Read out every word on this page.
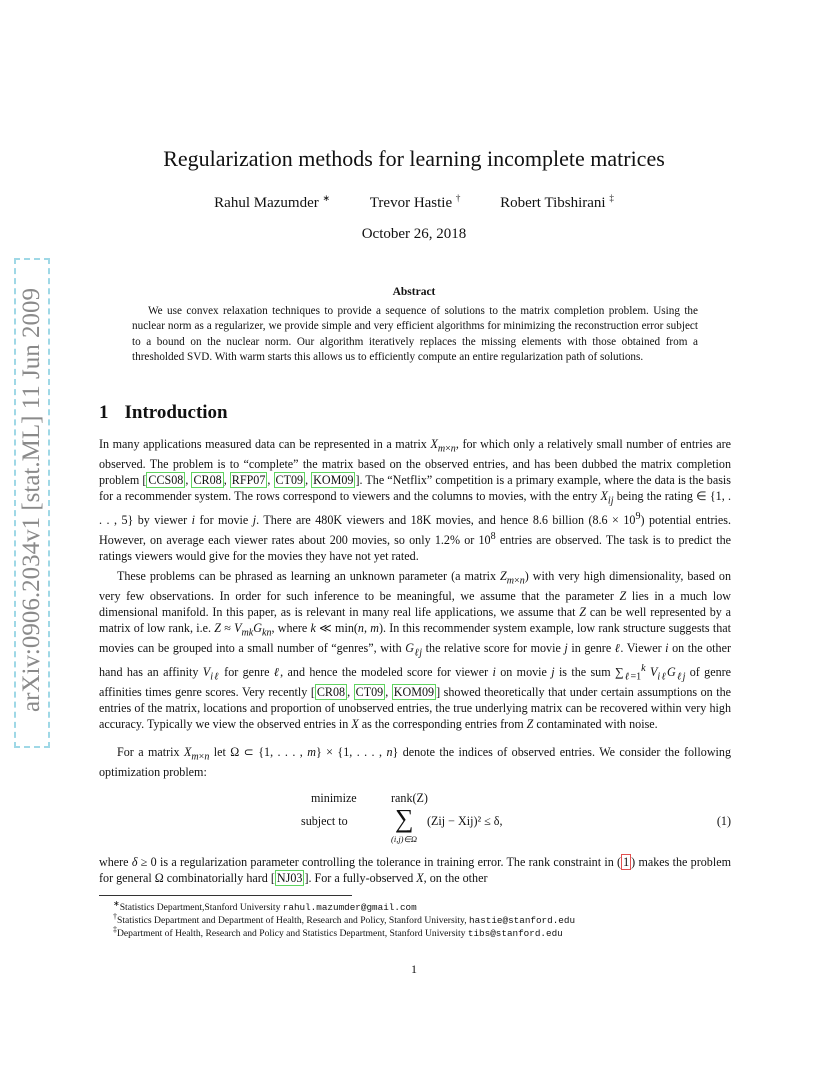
arXiv:0906.2034v1 [stat.ML] 11 Jun 2009
Regularization methods for learning incomplete matrices
Rahul Mazumder ∗	Trevor Hastie †	Robert Tibshirani ‡
October 26, 2018
Abstract
We use convex relaxation techniques to provide a sequence of solutions to the matrix completion problem. Using the nuclear norm as a regularizer, we provide simple and very efficient algorithms for minimizing the reconstruction error subject to a bound on the nuclear norm. Our algorithm iteratively replaces the missing elements with those obtained from a thresholded SVD. With warm starts this allows us to efficiently compute an entire regularization path of solutions.
1 Introduction
In many applications measured data can be represented in a matrix $X_{m\times n}$, for which only a relatively small number of entries are observed. The problem is to “complete” the matrix based on the observed entries, and has been dubbed the matrix completion problem [ CCS08 , CR08 , RFP07 , CT09 , KOM09 ]. The “Netflix” competition is a primary example, where the data is the basis for a recommender system. The rows correspond to viewers and the columns to movies, with the entry $X_{ij}$ being the rating ∈ {1, . . . , 5} by viewer i for movie j. There are 480K viewers and 18K movies, and hence 8.6 billion $(8.6 \times 10^9)$ potential entries. However, on average each viewer rates about 200 movies, so only 1.2% or $10^8$ entries are observed. The task is to predict the ratings viewers would give for the movies they have not yet rated.
These problems can be phrased as learning an unknown parameter (a matrix $Z_{m\times n}$) with very high dimensionality, based on very few observations. In order for such inference to be meaningful, we assume that the parameter Z lies in a much low dimensional manifold. In this paper, as is relevant in many real life applications, we assume that Z can be well represented by a matrix of low rank, i.e. $Z \approx V_{mk}G_{kn}$, where k ≪ min(n, m). In this recommender system example, low rank structure suggests that movies can be grouped into a small number of “genres”, with $G_{\ell j}$ the relative score for movie j in genre ℓ. Viewer i on the other hand has an affinity $V_{i\ell}$ for genre ℓ, and hence the modeled score for viewer i on movie j is the sum $\sum_{\ell=1}^k$ $V_{i\ell}G_{\ell j}$ of genre affinities times genre scores. Very recently [ CR08 , CT09 , KOM09 ] showed theoretically that under certain assumptions on the entries of the matrix, locations and proportion of unobserved entries, the true underlying matrix can be recovered within very high accuracy. Typically we view the observed entries in X as the corresponding entries from Z contaminated with noise.
For a matrix $X_{m\times n}$ let Ω ⊂ {1, . . . , m} × {1, . . . , n} denote the indices of observed entries. We consider the following optimization problem:
minimize
subject to
rank(Z)
∑
(i,j)∈Ω
(Zij − Xij)² ≤ δ,	(1)
where δ ≥ 0 is a regularization parameter controlling the tolerance in training error. The rank constraint in ( 1 ) makes the problem for general Ω combinatorially hard [ NJ03 ]. For a fully-observed X, on the other
∗Statistics Department,Stanford University rahul.mazumder@gmail.com
†Statistics Department and Department of Health, Research and Policy, Stanford University, hastie@stanford.edu
‡Department of Health, Research and Policy and Statistics Department, Stanford University tibs@stanford.edu
1
